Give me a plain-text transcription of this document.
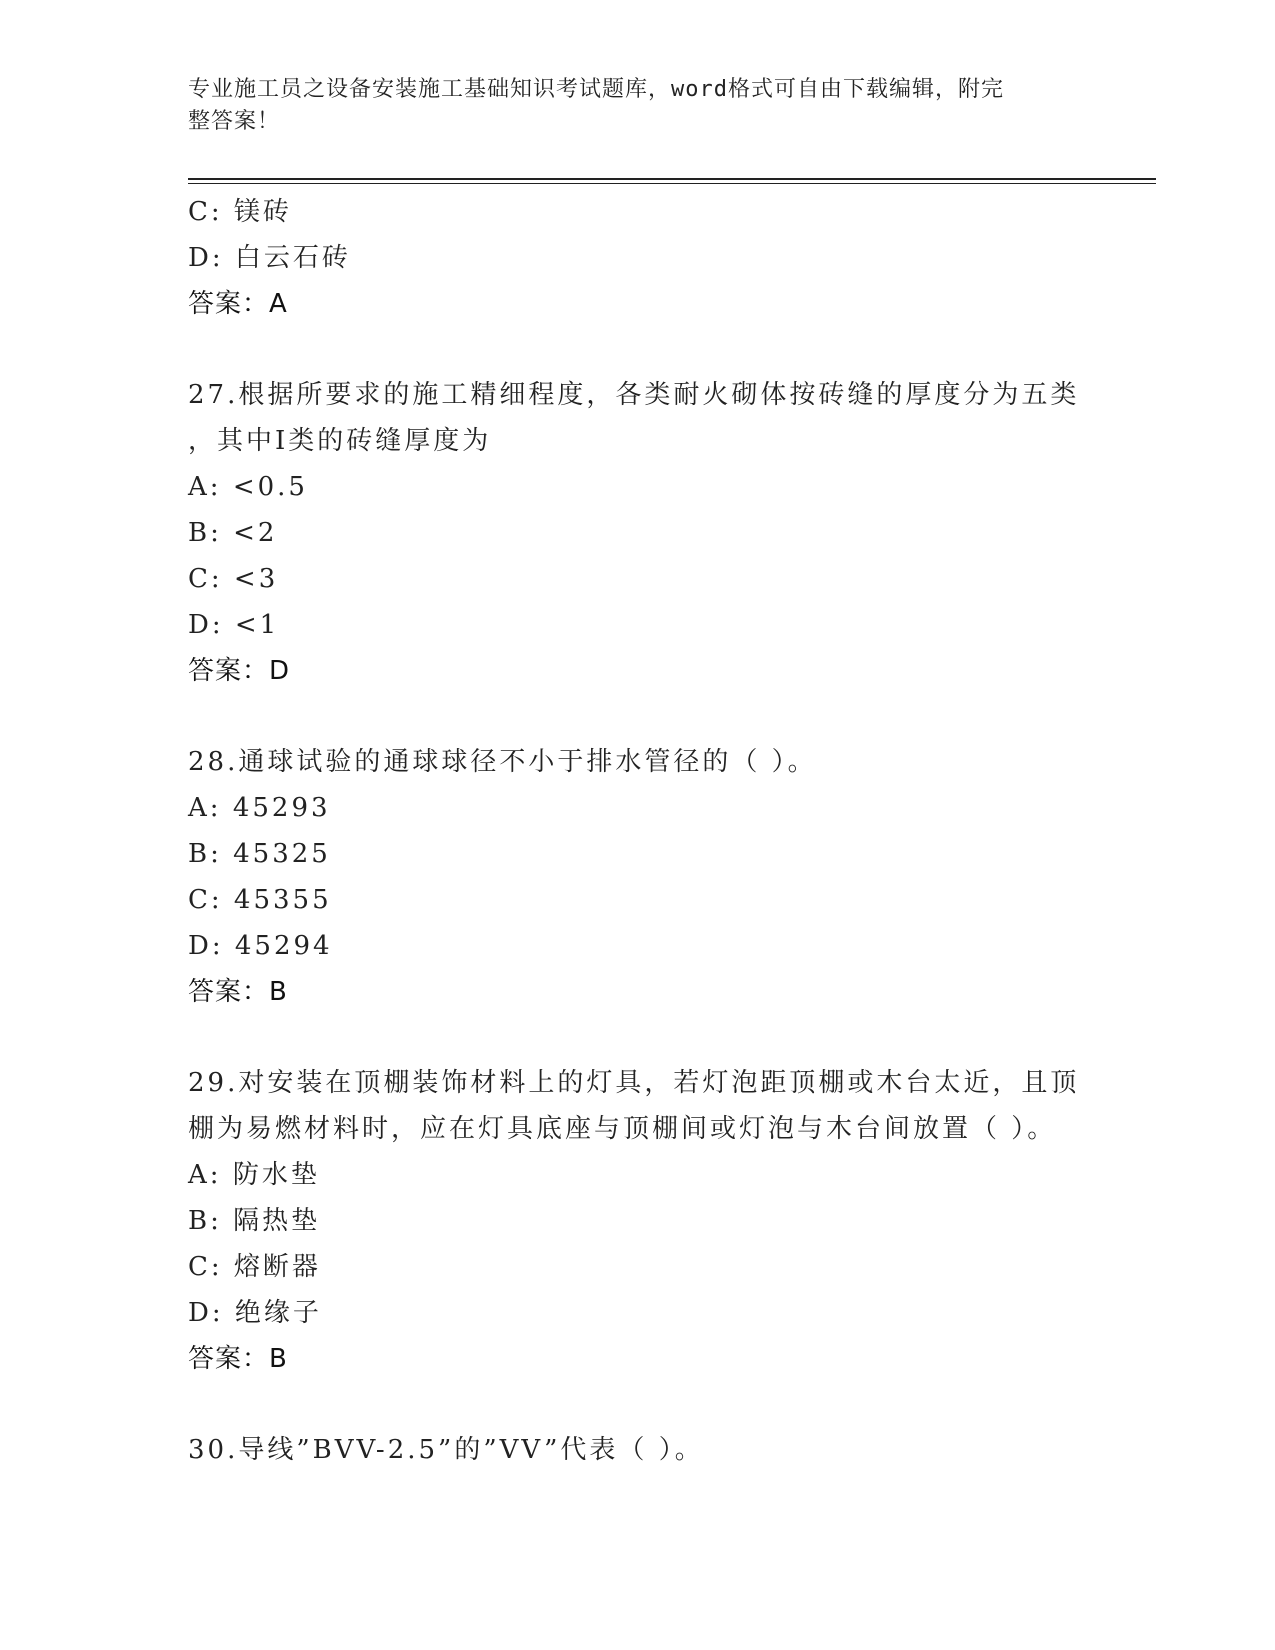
专业施工员之设备安装施工基础知识考试题库，word格式可自由下载编辑，附完
整答案！
C: 镁砖
D: 白云石砖
答案：A
27.根据所要求的施工精细程度，各类耐火砌体按砖缝的厚度分为五类
，其中Ⅰ类的砖缝厚度为
A: <0.5
B: <2
C: <3
D: <1
答案：D
28.通球试验的通球球径不小于排水管径的（ ）。
A: 45293
B: 45325
C: 45355
D: 45294
答案：B
29.对安装在顶棚装饰材料上的灯具，若灯泡距顶棚或木台太近，且顶
棚为易燃材料时，应在灯具底座与顶棚间或灯泡与木台间放置（ ）。
A: 防水垫
B: 隔热垫
C: 熔断器
D: 绝缘子
答案：B
30.导线”BVV-2.5”的”VV”代表（ ）。
